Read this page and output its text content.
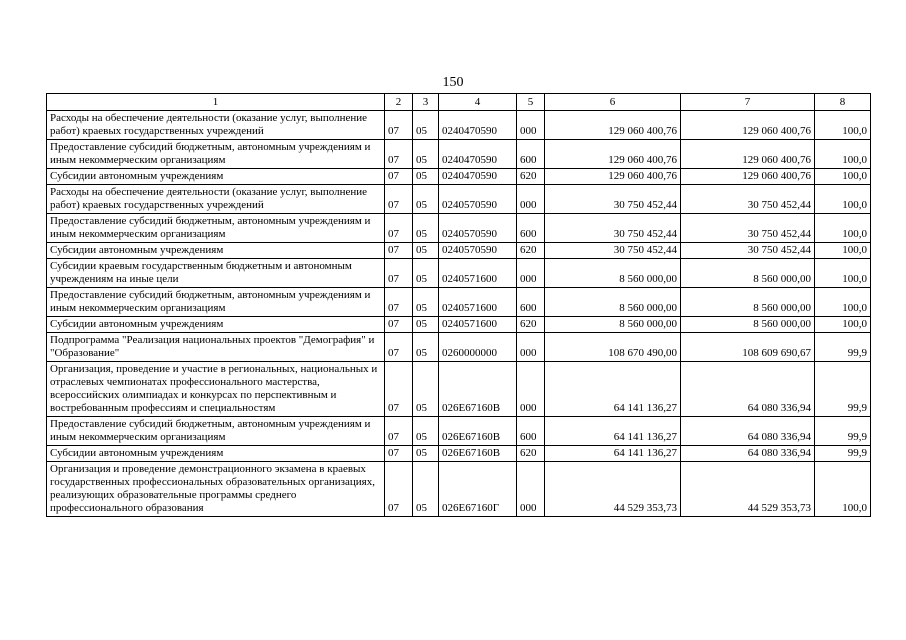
150
1	2	3	4	5	6	7	8
Расходы на обеспечение деятельности (оказание услуг, выполнение работ) краевых государственных учреждений	07	05	0240470590	000	129 060 400,76	129 060 400,76	100,0
Предоставление субсидий бюджетным, автономным учреждениям и иным некоммерческим организациям	07	05	0240470590	600	129 060 400,76	129 060 400,76	100,0
Субсидии автономным учреждениям	07	05	0240470590	620	129 060 400,76	129 060 400,76	100,0
Расходы на обеспечение деятельности (оказание услуг, выполнение работ) краевых государственных учреждений	07	05	0240570590	000	30 750 452,44	30 750 452,44	100,0
Предоставление субсидий бюджетным, автономным учреждениям и иным некоммерческим организациям	07	05	0240570590	600	30 750 452,44	30 750 452,44	100,0
Субсидии автономным учреждениям	07	05	0240570590	620	30 750 452,44	30 750 452,44	100,0
Субсидии краевым государственным бюджетным и автономным учреждениям на иные цели	07	05	0240571600	000	8 560 000,00	8 560 000,00	100,0
Предоставление субсидий бюджетным, автономным учреждениям и иным некоммерческим организациям	07	05	0240571600	600	8 560 000,00	8 560 000,00	100,0
Субсидии автономным учреждениям	07	05	0240571600	620	8 560 000,00	8 560 000,00	100,0
Подпрограмма "Реализация национальных проектов "Демография" и "Образование"	07	05	0260000000	000	108 670 490,00	108 609 690,67	99,9
Организация, проведение и участие в региональных, национальных и отраслевых чемпионатах профессионального мастерства, всероссийских олимпиадах и конкурсах по перспективным и востребованным профессиям и специальностям	07	05	026E67160B	000	64 141 136,27	64 080 336,94	99,9
Предоставление субсидий бюджетным, автономным учреждениям и иным некоммерческим организациям	07	05	026E67160B	600	64 141 136,27	64 080 336,94	99,9
Субсидии автономным учреждениям	07	05	026E67160B	620	64 141 136,27	64 080 336,94	99,9
Организация и проведение демонстрационного экзамена в краевых государственных профессиональных образовательных организациях, реализующих образовательные программы среднего профессионального образования	07	05	026E67160Г	000	44 529 353,73	44 529 353,73	100,0
